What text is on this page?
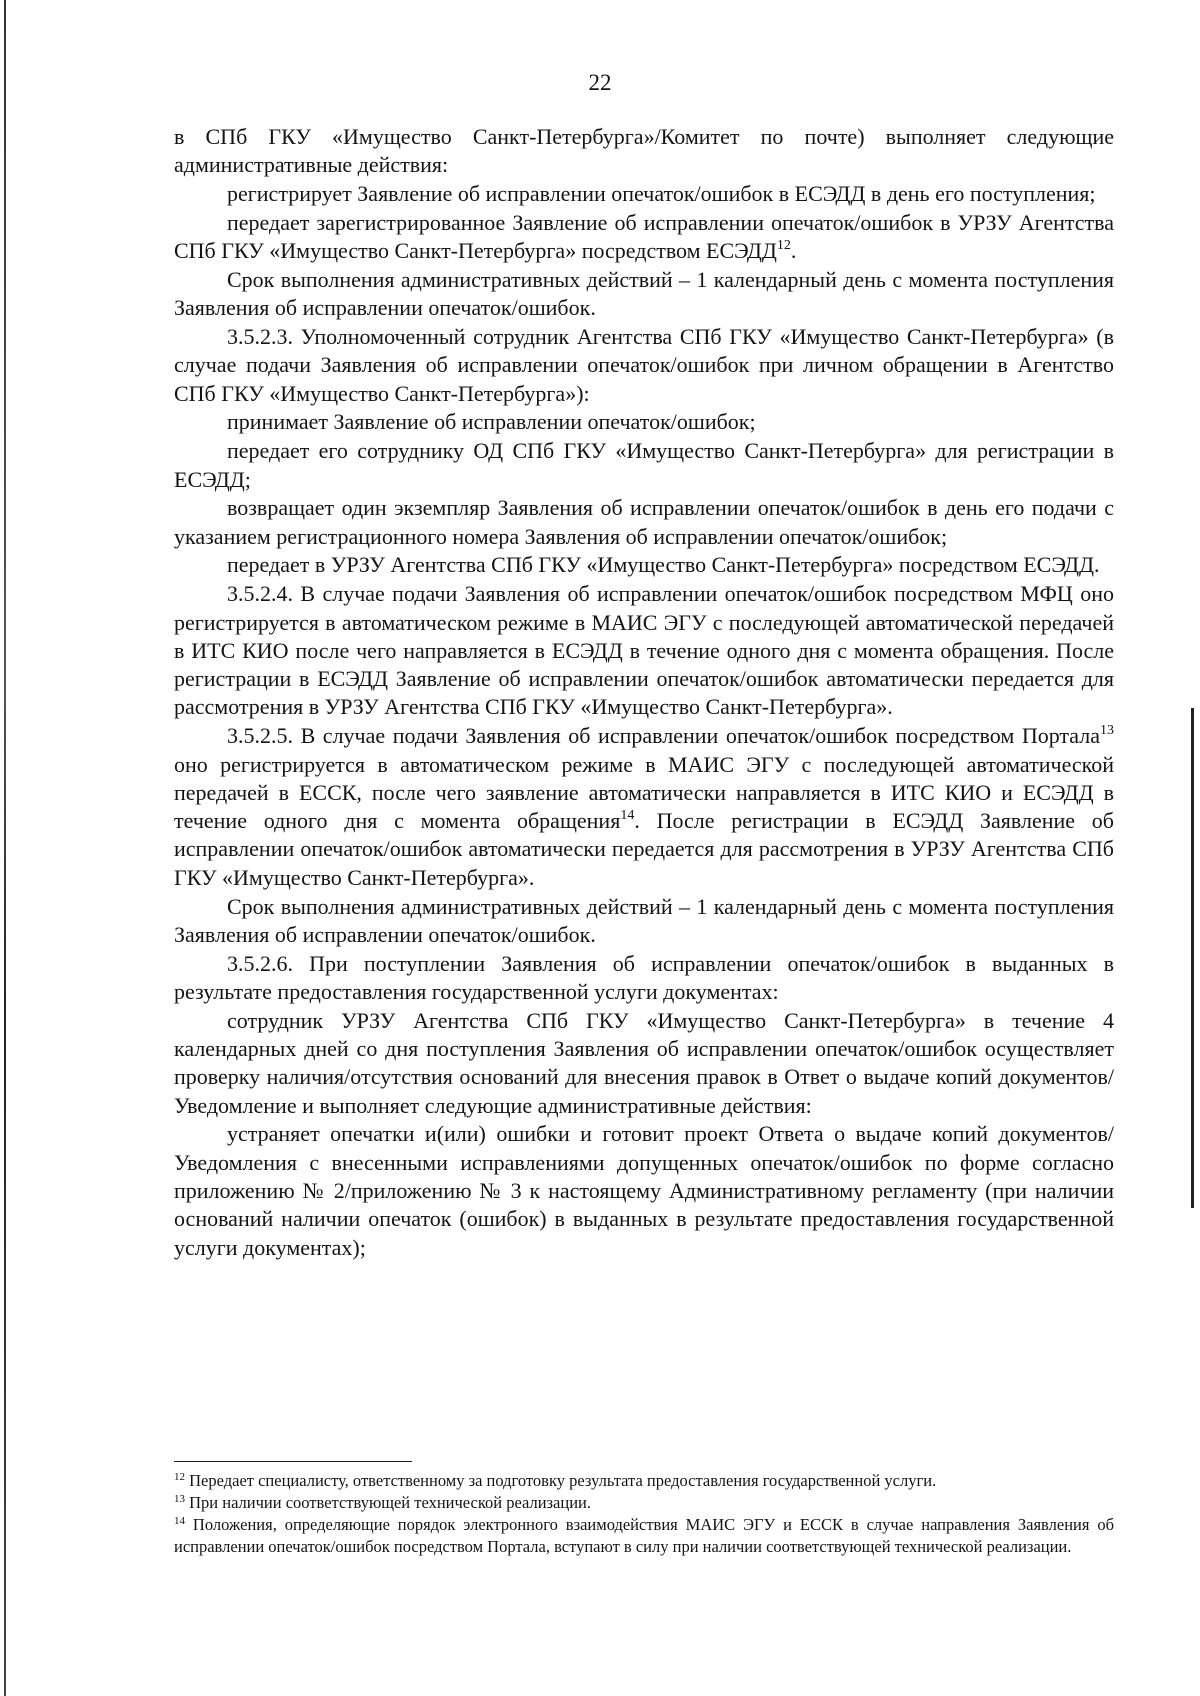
22

в СПб ГКУ «Имущество Санкт-Петербурга»/Комитет по почте) выполняет следующие административные действия:

регистрирует Заявление об исправлении опечаток/ошибок в ЕСЭДД в день его поступления;

передает зарегистрированное Заявление об исправлении опечаток/ошибок в УРЗУ Агентства СПб ГКУ «Имущество Санкт-Петербурга» посредством ЕСЭДД$^{12}$.

Срок выполнения административных действий – 1 календарный день с момента поступления Заявления об исправлении опечаток/ошибок.

3.5.2.3. Уполномоченный сотрудник Агентства СПб ГКУ «Имущество Санкт-Петербурга» (в случае подачи Заявления об исправлении опечаток/ошибок при личном обращении в Агентство СПб ГКУ «Имущество Санкт-Петербурга»):

принимает Заявление об исправлении опечаток/ошибок;

передает его сотруднику ОД СПб ГКУ «Имущество Санкт-Петербурга» для регистрации в ЕСЭДД;

возвращает один экземпляр Заявления об исправлении опечаток/ошибок в день его подачи с указанием регистрационного номера Заявления об исправлении опечаток/ошибок;

передает в УРЗУ Агентства СПб ГКУ «Имущество Санкт-Петербурга» посредством ЕСЭДД.

3.5.2.4. В случае подачи Заявления об исправлении опечаток/ошибок посредством МФЦ оно регистрируется в автоматическом режиме в МАИС ЭГУ с последующей автоматической передачей в ИТС КИО после чего направляется в ЕСЭДД в течение одного дня с момента обращения. После регистрации в ЕСЭДД Заявление об исправлении опечаток/ошибок автоматически передается для рассмотрения в УРЗУ Агентства СПб ГКУ «Имущество Санкт-Петербурга».

3.5.2.5. В случае подачи Заявления об исправлении опечаток/ошибок посредством Портала$^{13}$ оно регистрируется в автоматическом режиме в МАИС ЭГУ с последующей автоматической передачей в ЕССК, после чего заявление автоматически направляется в ИТС КИО и ЕСЭДД в течение одного дня с момента обращения$^{14}$. После регистрации в ЕСЭДД Заявление об исправлении опечаток/ошибок автоматически передается для рассмотрения в УРЗУ Агентства СПб ГКУ «Имущество Санкт-Петербурга».

Срок выполнения административных действий – 1 календарный день с момента поступления Заявления об исправлении опечаток/ошибок.

3.5.2.6. При поступлении Заявления об исправлении опечаток/ошибок в выданных в результате предоставления государственной услуги документах:

сотрудник УРЗУ Агентства СПб ГКУ «Имущество Санкт-Петербурга» в течение 4 календарных дней со дня поступления Заявления об исправлении опечаток/ошибок осуществляет проверку наличия/отсутствия оснований для внесения правок в Ответ о выдаче копий документов/Уведомление и выполняет следующие административные действия:

устраняет опечатки и(или) ошибки и готовит проект Ответа о выдаче копий документов/Уведомления с внесенными исправлениями допущенных опечаток/ошибок по форме согласно приложению № 2/приложению № 3 к настоящему Административному регламенту (при наличии оснований наличии опечаток (ошибок) в выданных в результате предоставления государственной услуги документах);

$^{12}$ Передает специалисту, ответственному за подготовку результата предоставления государственной услуги.

$^{13}$ При наличии соответствующей технической реализации.

$^{14}$ Положения, определяющие порядок электронного взаимодействия МАИС ЭГУ и ЕССК в случае направления Заявления об исправлении опечаток/ошибок посредством Портала, вступают в силу при наличии соответствующей технической реализации.
